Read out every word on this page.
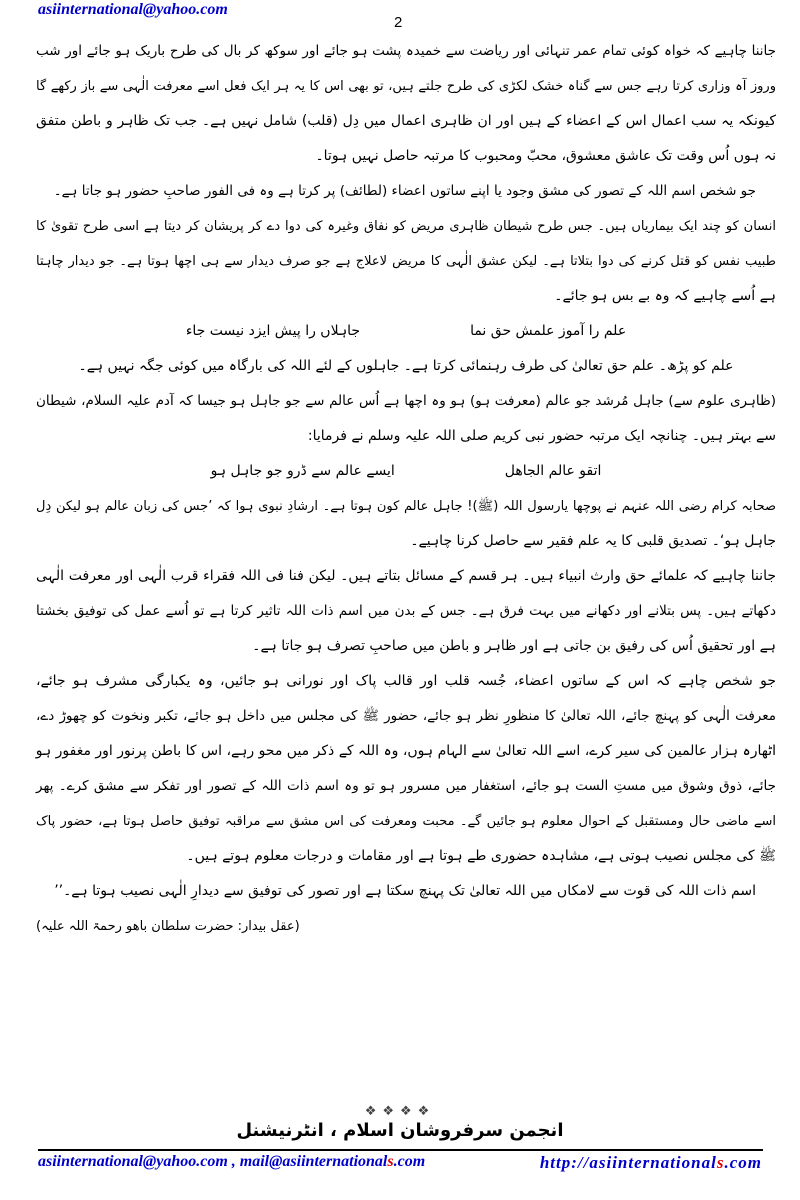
asiinternational@yahoo.com
2
جاننا چاہیے کہ خواہ کوئی تمام عمر تنہائی اور ریاضت سے خمیدہ پشت ہو جائے اور سوکھ کر بال کی طرح باریک ہو جائے اور شب
وروز آہ وزاری کرتا رہے جس سے گناہ خشک لکڑی کی طرح جلتے ہیں، تو بھی اس کا یہ ہر ایک فعل اسے معرفت الٰہی سے باز رکھے گا
کیونکہ یہ سب اعمال اس کے اعضاء کے ہیں اور ان ظاہری اعمال میں دِل (قلب) شامل نہیں ہے۔ جب تک ظاہر و باطن متفق
نہ ہوں اُس وقت تک عاشق معشوق، محبّ ومحبوب کا مرتبہ حاصل نہیں ہوتا۔
جو شخص اسم اللہ کے تصور کی مشق وجود یا اپنے ساتوں اعضاء (لطائف) پر کرتا ہے وہ فی الفور صاحبِ حضور ہو جاتا ہے۔
انسان کو چند ایک بیماریاں ہیں۔ جس طرح شیطان ظاہری مریض کو نفاق وغیرہ کی دوا دے کر پریشان کر دیتا ہے اسی طرح تقویٰ کا
طبیب نفس کو قتل کرنے کی دوا بتلاتا ہے۔ لیکن عشق الٰہی کا مریض لاعلاج ہے جو صرف دیدار سے ہی اچھا ہوتا ہے۔ جو دیدار چاہتا
ہے اُسے چاہیے کہ وہ بے بس ہو جائے۔
علم را آموز علمش حق نما
جاہلاں را پیش ایزد نیست جاء
علم کو پڑھ۔ علم حق تعالیٰ کی طرف رہنمائی کرتا ہے۔ جاہلوں کے لئے اللہ کی بارگاہ میں کوئی جگہ نہیں ہے۔
(ظاہری علوم سے) جاہل مُرشد جو عالم (معرفت ہو) ہو وہ اچھا ہے اُس عالم سے جو جاہل ہو جیسا کہ آدم علیہ السلام، شیطان
سے بہتر ہیں۔ چنانچہ ایک مرتبہ حضور نبی کریم صلی اللہ علیہ وسلم نے فرمایا:
اتقو عالم الجاهل
ایسے عالم سے ڈرو جو جاہل ہو
صحابہ کرام رضی اللہ عنہم نے پوچھا یارسول اللہ (ﷺ)! جاہل عالم کون ہوتا ہے۔ ارشادِ نبوی ہوا کہ ’جس کی زبان عالم ہو لیکن دِل
جاہل ہو‘۔ تصدیق قلبی کا یہ علم فقیر سے حاصل کرنا چاہیے۔
جاننا چاہیے کہ علمائے حق وارث انبیاء ہیں۔ ہر قسم کے مسائل بتاتے ہیں۔ لیکن فنا فی اللہ فقراء قرب الٰہی اور معرفت الٰہی
دکھاتے ہیں۔ پس بتلانے اور دکھانے میں بہت فرق ہے۔ جس کے بدن میں اسم ذات اللہ تاثیر کرتا ہے تو اُسے عمل کی توفیق بخشتا
ہے اور تحقیق اُس کی رفیق بن جاتی ہے اور ظاہر و باطن میں صاحبِ تصرف ہو جاتا ہے۔
جو شخص چاہے کہ اس کے ساتوں اعضاء، جُسہ قلب اور قالب پاک اور نورانی ہو جائیں، وہ یکبارگی مشرف ہو جائے،
معرفت الٰہی کو پہنچ جائے، اللہ تعالیٰ کا منظورِ نظر ہو جائے، حضور ﷺ کی مجلس میں داخل ہو جائے، تکبر ونخوت کو چھوڑ دے،
اٹھارہ ہزار عالمین کی سیر کرے، اسے اللہ تعالیٰ سے الہام ہوں، وہ اللہ کے ذکر میں محو رہے، اس کا باطن پرنور اور مغفور ہو
جائے، ذوق وشوق میں مستِ الست ہو جائے، استغفار میں مسرور ہو تو وہ اسم ذات اللہ کے تصور اور تفکر سے مشق کرے۔ پھر
اسے ماضی حال ومستقبل کے احوال معلوم ہو جائیں گے۔ محبت ومعرفت کی اس مشق سے مراقبہ توفیق حاصل ہوتا ہے، حضور پاک
ﷺ کی مجلس نصیب ہوتی ہے، مشاہدہ حضوری طے ہوتا ہے اور مقامات و درجات معلوم ہوتے ہیں۔
اسم ذات اللہ کی قوت سے لامکاں میں اللہ تعالیٰ تک پہنچ سکتا ہے اور تصور کی توفیق سے دیدارِ الٰہی نصیب ہوتا ہے۔’’
(عقل بیدار: حضرت سلطان باھو رحمۃ اللہ علیہ)
❖❖❖❖
انجمن سرفروشان اسلام ، انٹرنیشنل
asiinternational@yahoo.com , mail@asiinternationals.com	http://asiinternationals.com
